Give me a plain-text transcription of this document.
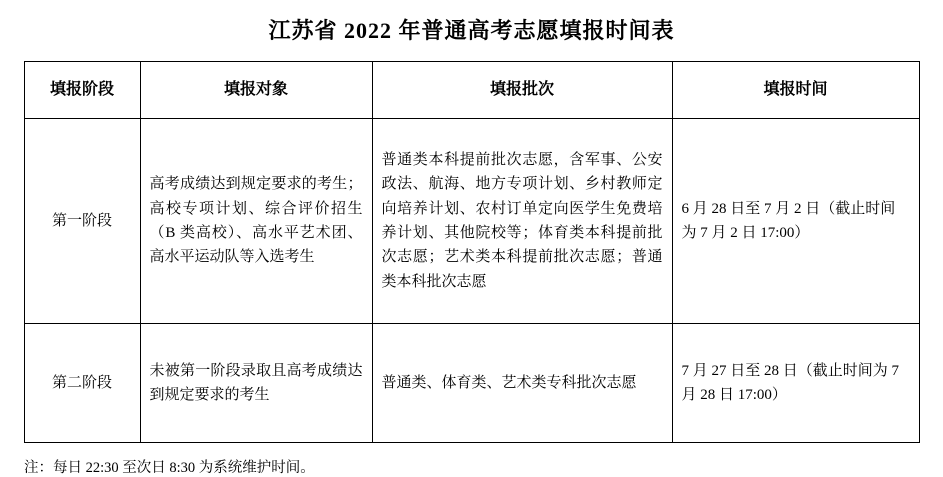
江苏省 2022 年普通高考志愿填报时间表
填报阶段	填报对象	填报批次	填报时间
第一阶段	高考成绩达到规定要求的考生；高校专项计划、综合评价招生（B 类高校）、高水平艺术团、高水平运动队等入选考生	普通类本科提前批次志愿，含军事、公安政法、航海、地方专项计划、乡村教师定向培养计划、农村订单定向医学生免费培养计划、其他院校等；体育类本科提前批次志愿；艺术类本科提前批次志愿；普通类本科批次志愿	6 月 28 日至 7 月 2 日（截止时间为 7 月 2 日 17:00）
第二阶段	未被第一阶段录取且高考成绩达到规定要求的考生	普通类、体育类、艺术类专科批次志愿	7 月 27 日至 28 日（截止时间为 7 月 28 日 17:00）
注：每日 22:30 至次日 8:30 为系统维护时间。
